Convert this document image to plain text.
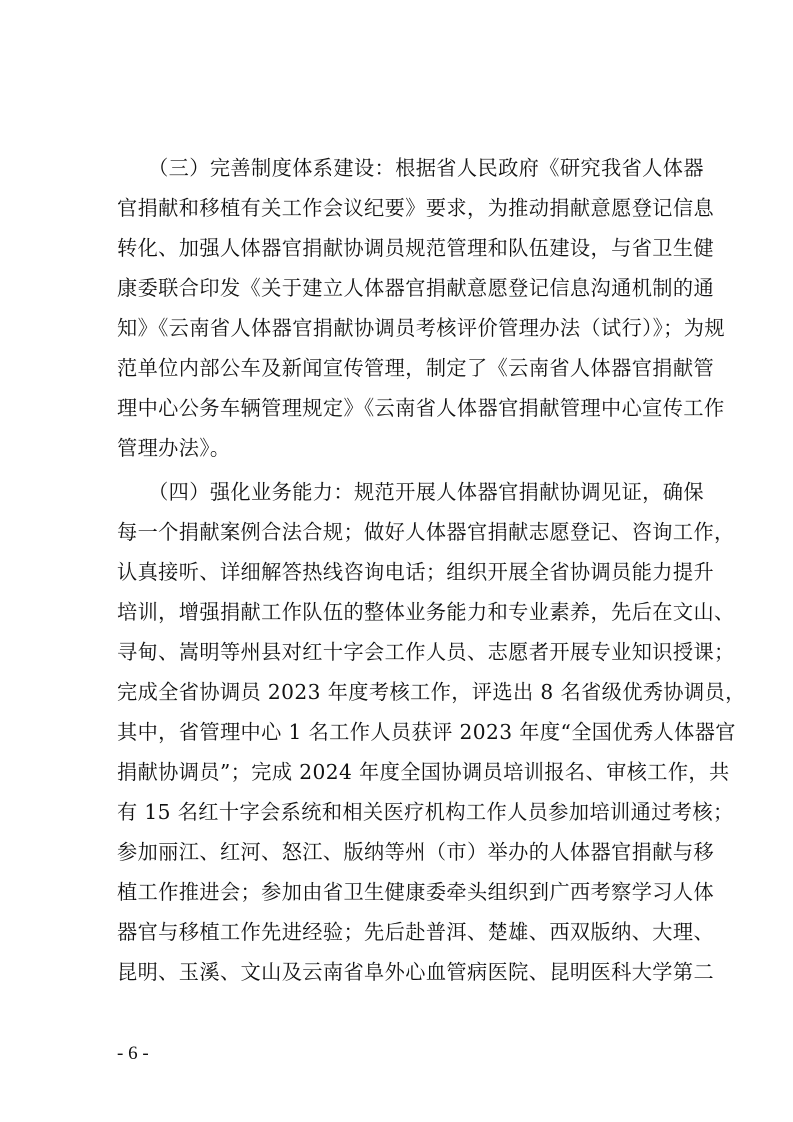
　　（三）完善制度体系建设：根据省人民政府《研究我省人体器
官捐献和移植有关工作会议纪要》要求，为推动捐献意愿登记信息
转化、加强人体器官捐献协调员规范管理和队伍建设，与省卫生健
康委联合印发《关于建立人体器官捐献意愿登记信息沟通机制的通
知》《云南省人体器官捐献协调员考核评价管理办法（试行）》；为规
范单位内部公车及新闻宣传管理，制定了《云南省人体器官捐献管
理中心公务车辆管理规定》《云南省人体器官捐献管理中心宣传工作
管理办法》。
　　（四）强化业务能力：规范开展人体器官捐献协调见证，确保
每一个捐献案例合法合规；做好人体器官捐献志愿登记、咨询工作，
认真接听、详细解答热线咨询电话；组织开展全省协调员能力提升
培训，增强捐献工作队伍的整体业务能力和专业素养，先后在文山、
寻甸、嵩明等州县对红十字会工作人员、志愿者开展专业知识授课；
完成全省协调员 2023 年度考核工作，评选出 8 名省级优秀协调员，
其中，省管理中心 1 名工作人员获评 2023 年度“全国优秀人体器官
捐献协调员”；完成 2024 年度全国协调员培训报名、审核工作，共
有 15 名红十字会系统和相关医疗机构工作人员参加培训通过考核；
参加丽江、红河、怒江、版纳等州（市）举办的人体器官捐献与移
植工作推进会；参加由省卫生健康委牵头组织到广西考察学习人体
器官与移植工作先进经验；先后赴普洱、楚雄、西双版纳、大理、
昆明、玉溪、文山及云南省阜外心血管病医院、昆明医科大学第二
- 6 -
